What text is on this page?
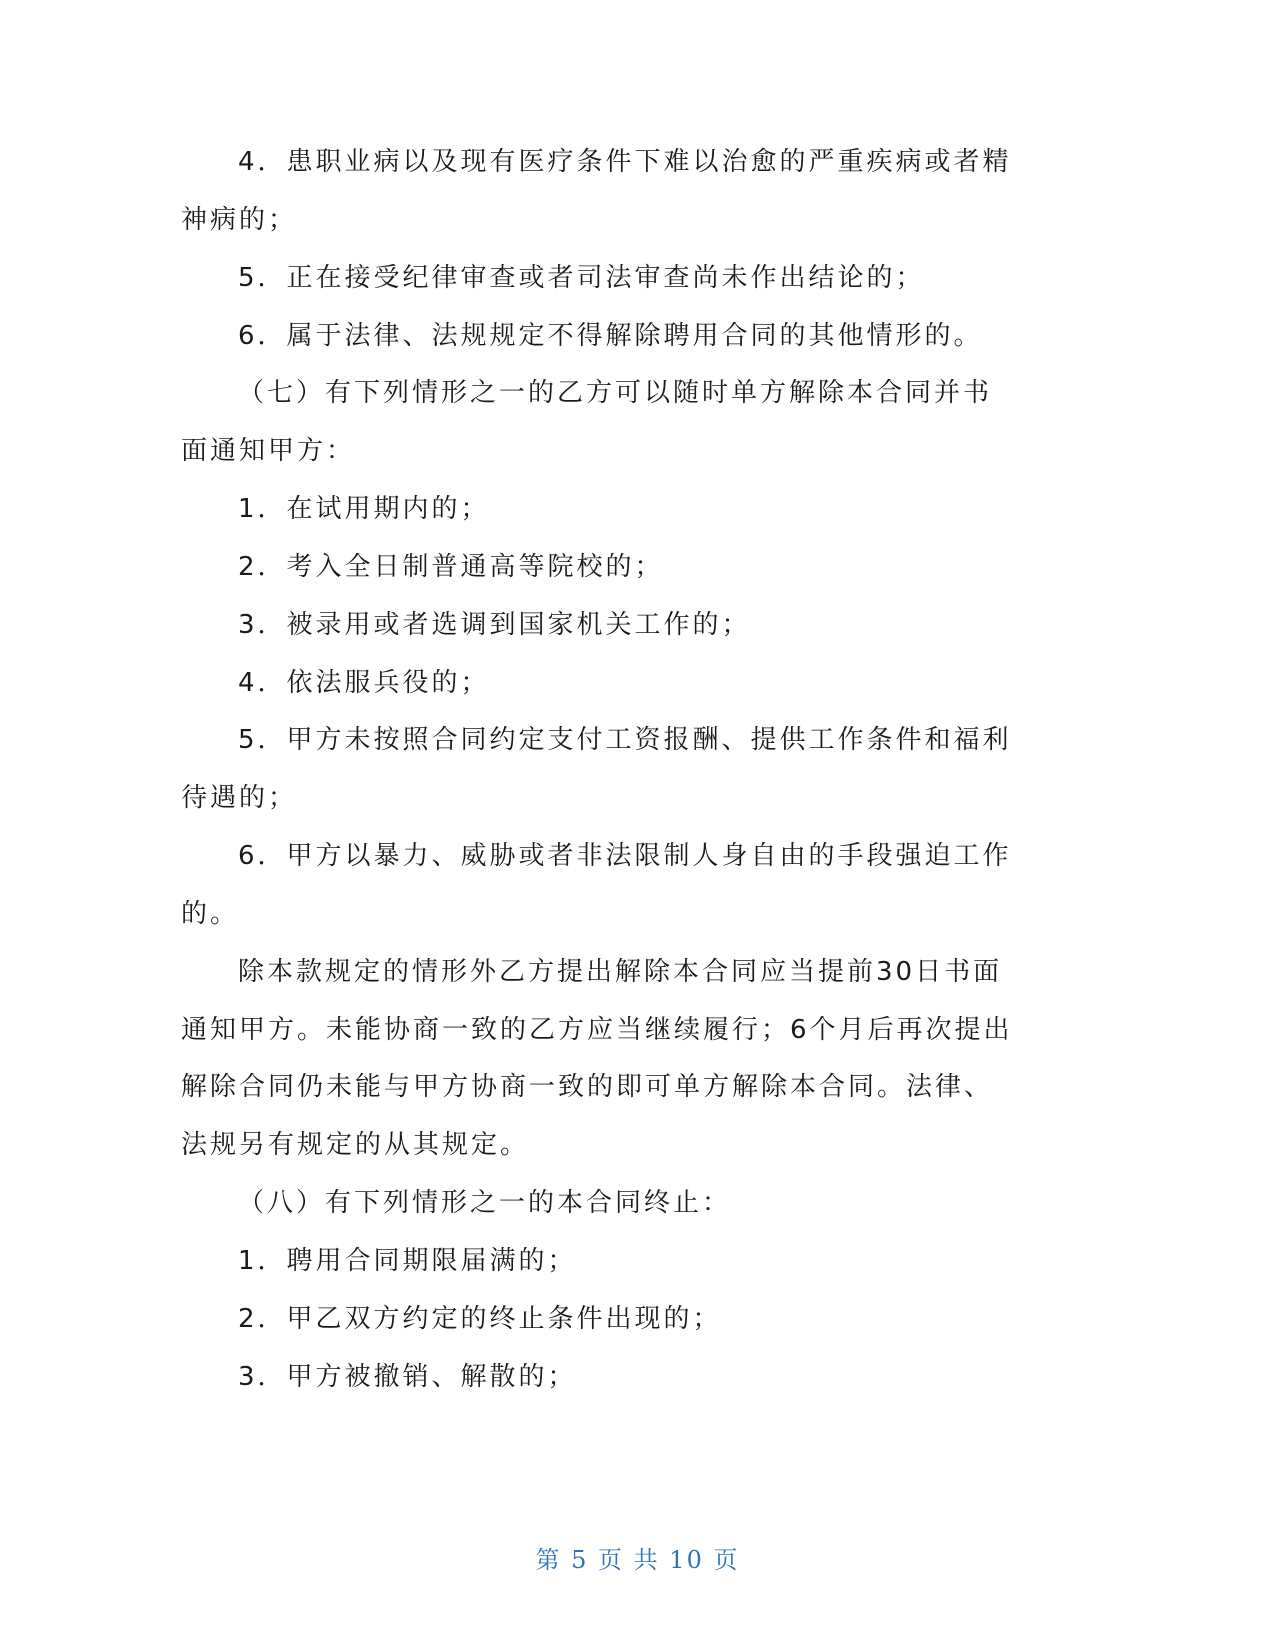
4．患职业病以及现有医疗条件下难以治愈的严重疾病或者精
神病的；
5．正在接受纪律审查或者司法审查尚未作出结论的；
6．属于法律、法规规定不得解除聘用合同的其他情形的。
（七）有下列情形之一的乙方可以随时单方解除本合同并书
面通知甲方：
1．在试用期内的；
2．考入全日制普通高等院校的；
3．被录用或者选调到国家机关工作的；
4．依法服兵役的；
5．甲方未按照合同约定支付工资报酬、提供工作条件和福利
待遇的；
6．甲方以暴力、威胁或者非法限制人身自由的手段强迫工作
的。
除本款规定的情形外乙方提出解除本合同应当提前30日书面
通知甲方。未能协商一致的乙方应当继续履行；6个月后再次提出
解除合同仍未能与甲方协商一致的即可单方解除本合同。法律、
法规另有规定的从其规定。
（八）有下列情形之一的本合同终止：
1．聘用合同期限届满的；
2．甲乙双方约定的终止条件出现的；
3．甲方被撤销、解散的；
第 5 页 共 10 页
